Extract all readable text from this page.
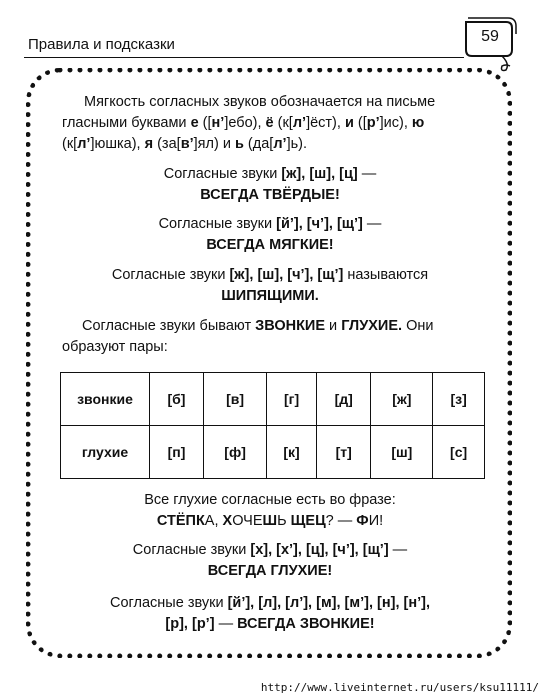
Правила и подсказки	59

Мягкость согласных звуков обозначается на письме гласными буквами е ([н’]ебо), ё (к[л’]ёст), и ([р’]ис), ю (к[л’]юшка), я (за[в’]ял) и ь (да[л’]ь).

Согласные звуки [ж], [ш], [ц] —
ВСЕГДА ТВЁРДЫЕ!

Согласные звуки [й’], [ч’], [щ’] —
ВСЕГДА МЯГКИЕ!

Согласные звуки [ж], [ш], [ч’], [щ’] называются
ШИПЯЩИМИ.

Согласные звуки бывают ЗВОНКИЕ и ГЛУХИЕ. Они образуют пары:

звонкие	[б]	[в]	[г]	[д]	[ж]	[з]
глухие	[п]	[ф]	[к]	[т]	[ш]	[с]

Все глухие согласные есть во фразе:
СТЁПКА, ХОЧЕШЬ ЩЕЦ? — ФИ!

Согласные звуки [х], [х’], [ц], [ч’], [щ’] —
ВСЕГДА ГЛУХИЕ!

Согласные звуки [й’], [л], [л’], [м], [м’], [н], [н’],
[р], [р’] — ВСЕГДА ЗВОНКИЕ!

http://www.liveinternet.ru/users/ksu11111/
